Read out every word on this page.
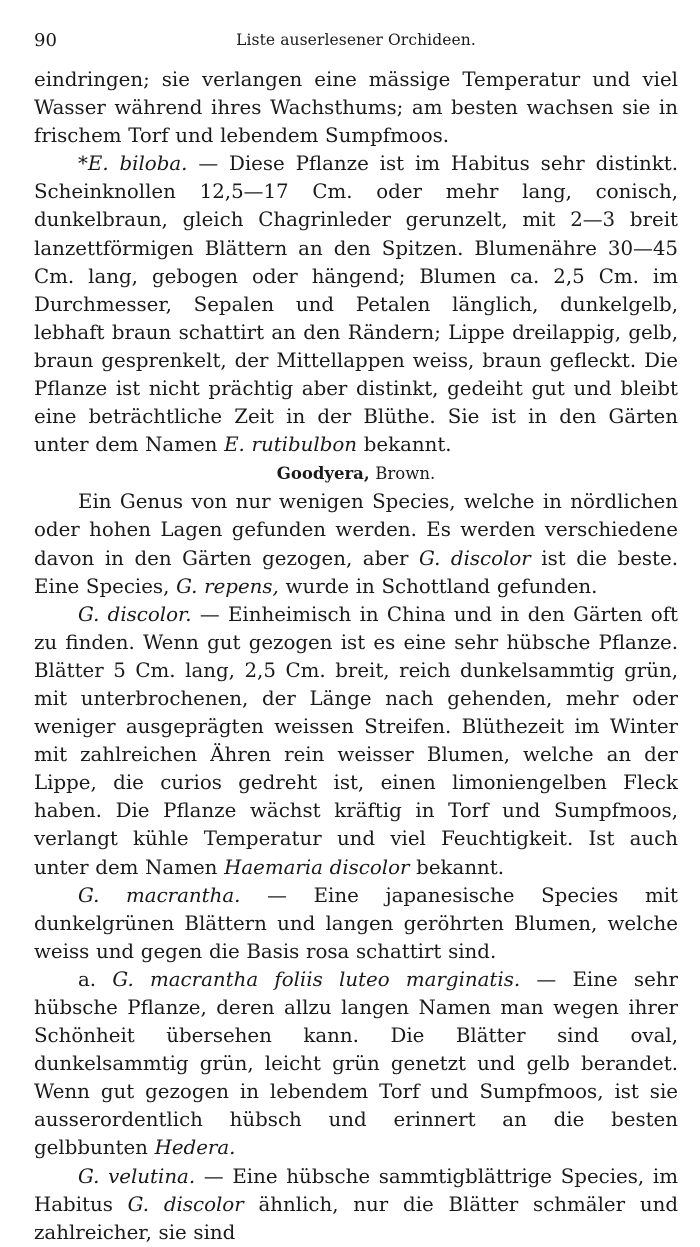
90	Liste auserlesener Orchideen.

eindringen; sie verlangen eine mässige Temperatur und viel Wasser während ihres Wachsthums; am besten wachsen sie in frischem Torf und lebendem Sumpfmoos.

*E. biloba. — Diese Pflanze ist im Habitus sehr distinkt. Scheinknollen 12,5—17 Cm. oder mehr lang, conisch, dunkelbraun, gleich Chagrinleder gerunzelt, mit 2—3 breit lanzettförmigen Blättern an den Spitzen. Blumenähre 30—45 Cm. lang, gebogen oder hängend; Blumen ca. 2,5 Cm. im Durchmesser, Sepalen und Petalen länglich, dunkelgelb, lebhaft braun schattirt an den Rändern; Lippe dreilappig, gelb, braun gesprenkelt, der Mittellappen weiss, braun gefleckt. Die Pflanze ist nicht prächtig aber distinkt, gedeiht gut und bleibt eine beträchtliche Zeit in der Blüthe. Sie ist in den Gärten unter dem Namen E. rutibulbon bekannt.

Goodyera, Brown.

Ein Genus von nur wenigen Species, welche in nördlichen oder hohen Lagen gefunden werden. Es werden verschiedene davon in den Gärten gezogen, aber G. discolor ist die beste. Eine Species, G. repens, wurde in Schottland gefunden.

G. discolor. — Einheimisch in China und in den Gärten oft zu finden. Wenn gut gezogen ist es eine sehr hübsche Pflanze. Blätter 5 Cm. lang, 2,5 Cm. breit, reich dunkelsammtig grün, mit unterbrochenen, der Länge nach gehenden, mehr oder weniger ausgeprägten weissen Streifen. Blüthezeit im Winter mit zahlreichen Ähren rein weisser Blumen, welche an der Lippe, die curios gedreht ist, einen limoniengelben Fleck haben. Die Pflanze wächst kräftig in Torf und Sumpfmoos, verlangt kühle Temperatur und viel Feuchtigkeit. Ist auch unter dem Namen Haemaria discolor bekannt.

G. macrantha. — Eine japanesische Species mit dunkelgrünen Blättern und langen geröhrten Blumen, welche weiss und gegen die Basis rosa schattirt sind.

a. G. macrantha foliis luteo marginatis. — Eine sehr hübsche Pflanze, deren allzu langen Namen man wegen ihrer Schönheit übersehen kann. Die Blätter sind oval, dunkelsammtig grün, leicht grün genetzt und gelb berandet. Wenn gut gezogen in lebendem Torf und Sumpfmoos, ist sie ausserordentlich hübsch und erinnert an die besten gelbbunten Hedera.

G. velutina. — Eine hübsche sammtigblättrige Species, im Habitus G. discolor ähnlich, nur die Blätter schmäler und zahlreicher, sie sind
